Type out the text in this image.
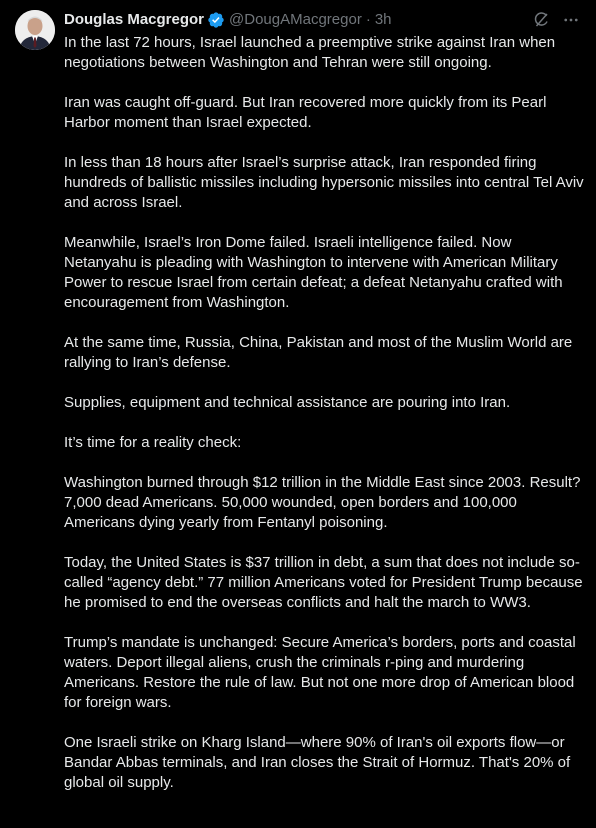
Douglas Macgregor @DougAMacgregor · 3h

In the last 72 hours, Israel launched a preemptive strike against Iran when negotiations between Washington and Tehran were still ongoing.

Iran was caught off-guard. But Iran recovered more quickly from its Pearl Harbor moment than Israel expected.

In less than 18 hours after Israel’s surprise attack, Iran responded firing hundreds of ballistic missiles including hypersonic missiles into central Tel Aviv and across Israel.

Meanwhile, Israel’s Iron Dome failed. Israeli intelligence failed. Now Netanyahu is pleading with Washington to intervene with American Military Power to rescue Israel from certain defeat; a defeat Netanyahu crafted with encouragement from Washington.

At the same time, Russia, China, Pakistan and most of the Muslim World are rallying to Iran’s defense.

Supplies, equipment and technical assistance are pouring into Iran.

It’s time for a reality check:

Washington burned through $12 trillion in the Middle East since 2003. Result? 7,000 dead Americans. 50,000 wounded, open borders and 100,000 Americans dying yearly from Fentanyl poisoning.

Today, the United States is $37 trillion in debt, a sum that does not include so-called “agency debt.” 77 million Americans voted for President Trump because he promised to end the overseas conflicts and halt the march to WW3.

Trump’s mandate is unchanged: Secure America’s borders, ports and coastal waters. Deport illegal aliens, crush the criminals r-ping and murdering Americans. Restore the rule of law. But not one more drop of American blood for foreign wars.

One Israeli strike on Kharg Island—where 90% of Iran's oil exports flow—or Bandar Abbas terminals, and Iran closes the Strait of Hormuz. That's 20% of global oil supply.
